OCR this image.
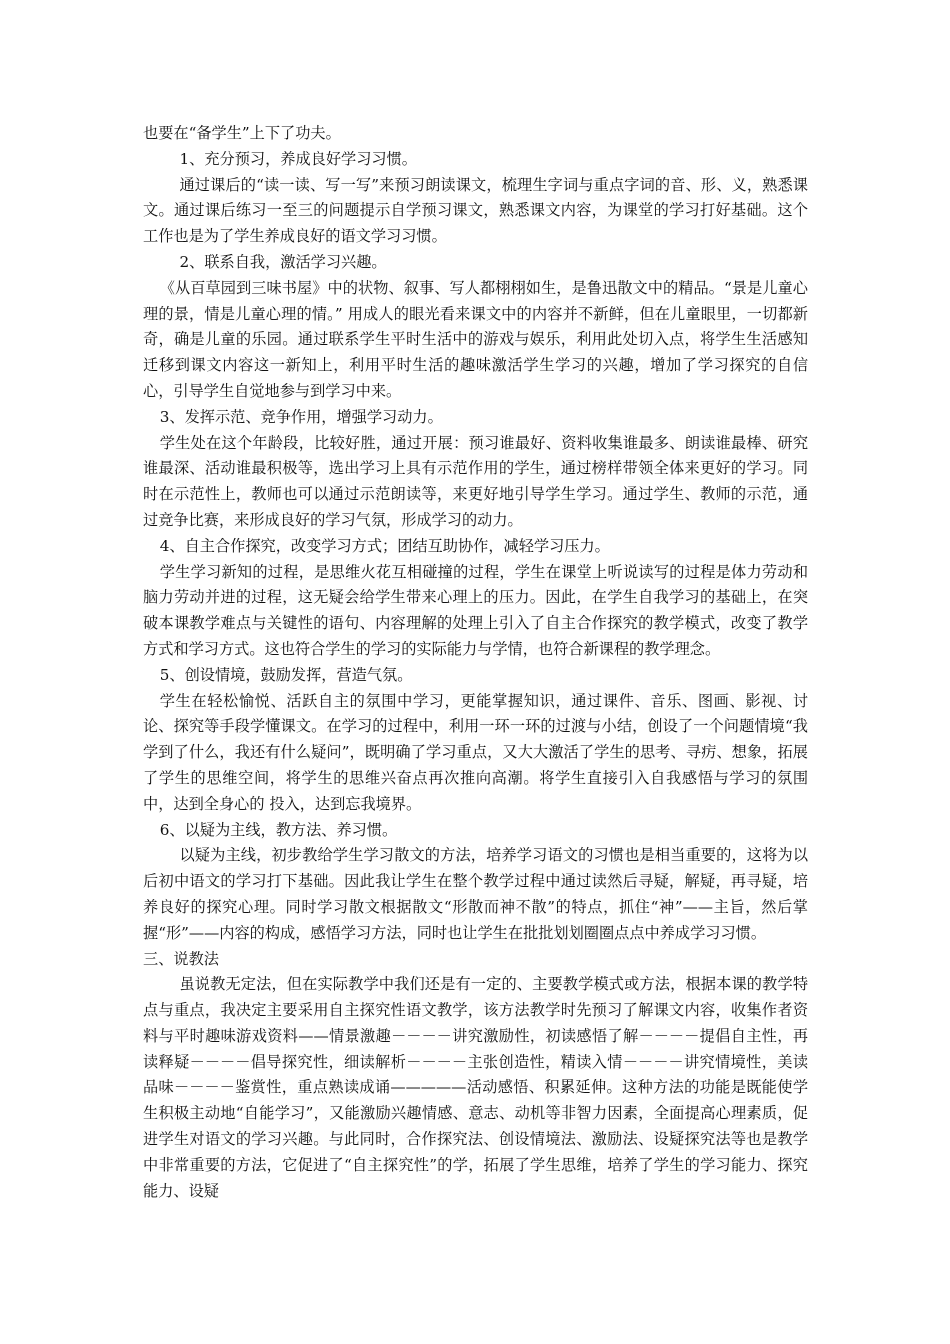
也要在“备学生”上下了功夫。

1、充分预习，养成良好学习习惯。

通过课后的“读一读、写一写”来预习朗读课文，梳理生字词与重点字词的音、形、义，熟悉课文。通过课后练习一至三的问题提示自学预习课文，熟悉课文内容，为课堂的学习打好基础。这个工作也是为了学生养成良好的语文学习习惯。

2、联系自我，激活学习兴趣。

《从百草园到三味书屋》中的状物、叙事、写人都栩栩如生，是鲁迅散文中的精品。“景是儿童心理的景，情是儿童心理的情。” 用成人的眼光看来课文中的内容并不新鲜，但在儿童眼里，一切都新奇，确是儿童的乐园。通过联系学生平时生活中的游戏与娱乐，利用此处切入点，将学生生活感知迁移到课文内容这一新知上，利用平时生活的趣味激活学生学习的兴趣，增加了学习探究的自信心，引导学生自觉地参与到学习中来。

3、发挥示范、竞争作用，增强学习动力。

学生处在这个年龄段，比较好胜，通过开展：预习谁最好、资料收集谁最多、朗读谁最棒、研究谁最深、活动谁最积极等，选出学习上具有示范作用的学生，通过榜样带领全体来更好的学习。同时在示范性上，教师也可以通过示范朗读等，来更好地引导学生学习。通过学生、教师的示范，通过竞争比赛，来形成良好的学习气氛，形成学习的动力。

4、自主合作探究，改变学习方式；团结互助协作，减轻学习压力。

学生学习新知的过程，是思维火花互相碰撞的过程，学生在课堂上听说读写的过程是体力劳动和脑力劳动并进的过程，这无疑会给学生带来心理上的压力。因此，在学生自我学习的基础上，在突破本课教学难点与关键性的语句、内容理解的处理上引入了自主合作探究的教学模式，改变了教学方式和学习方式。这也符合学生的学习的实际能力与学情，也符合新课程的教学理念。

5、创设情境，鼓励发挥，营造气氛。

学生在轻松愉悦、活跃自主的氛围中学习，更能掌握知识，通过课件、音乐、图画、影视、讨论、探究等手段学懂课文。在学习的过程中，利用一环一环的过渡与小结，创设了一个问题情境“我学到了什么，我还有什么疑问”，既明确了学习重点，又大大激活了学生的思考、寻疠、想象，拓展了学生的思维空间，将学生的思维兴奋点再次推向高潮。将学生直接引入自我感悟与学习的氛围中，达到全身心的 投入，达到忘我境界。

6、以疑为主线，教方法、养习惯。

以疑为主线，初步教给学生学习散文的方法，培养学习语文的习惯也是相当重要的，这将为以后初中语文的学习打下基础。因此我让学生在整个教学过程中通过读然后寻疑，解疑，再寻疑，培养良好的探究心理。同时学习散文根据散文“形散而神不散”的特点，抓住“神”——主旨，然后掌握“形”——内容的构成，感悟学习方法，同时也让学生在批批划划圈圈点点中养成学习习惯。

三、说教法

虽说教无定法，但在实际教学中我们还是有一定的、主要教学模式或方法，根据本课的教学特点与重点，我决定主要采用自主探究性语文教学，该方法教学时先预习了解课文内容，收集作者资料与平时趣味游戏资料——情景激趣－－－－讲究激励性，初读感悟了解－－－－提倡自主性，再读释疑－－－－倡导探究性，细读解析－－－－主张创造性，精读入情－－－－讲究情境性，美读品味－－－－鉴赏性，重点熟读成诵—————活动感悟、积累延伸。这种方法的功能是既能使学生积极主动地“自能学习”，又能激励兴趣情感、意志、动机等非智力因素，全面提高心理素质，促进学生对语文的学习兴趣。与此同时，合作探究法、创设情境法、激励法、设疑探究法等也是教学中非常重要的方法，它促进了“自主探究性”的学，拓展了学生思维，培养了学生的学习能力、探究能力、设疑
